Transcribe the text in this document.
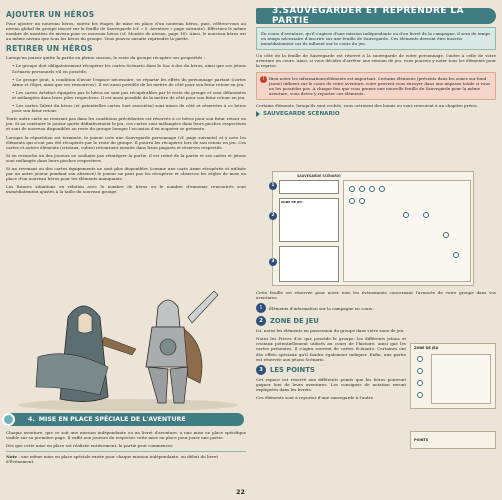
AJOUTER UN HÉROS
Pour ajouter un nouveau héros, suivez les étapes de mise en place d'un nouveau héros, puis, référez-vous au niveau global du groupe inscrit sur la feuille de Sauvegarde (cf. « 5. Aventure » page suivante). Effectuez le même nombre de montées de niveau pour ce nouveau héros (cf. Montée de niveau, page 16). Ainsi, le nouveau héros est au même niveau que tous les héros du groupe. Vous pouvez ensuite reprendre la partie.
RETIRER UN HÉROS
Lorsqu'un joueur quitte la partie en pleine session, le reste du groupe récupère ses propriétés :
• Le groupe doit obligatoirement récupérer les cartes Scénario dans le Sac à dos du héros, ainsi que ses jetons Scénario personnels s'il en possède.
• Le groupe peut, à condition d'avoir l'espace nécessaire, se répartir les effets du personnage partant (cartes Arme et Objet, ainsi que ses ressources). Il est aussi possible de lui mettre de côté pour son futur retour en jeu.
• Les cartes Artefact équipées par le héros ne sont pas récupérables par le reste du groupe et sont défaussées et mélangées dans leurs piles respectives. Il est aussi possible de la mettre de côté pour son futur retour en jeu.
• Les cartes Talent du héros (et potentielles cartes Sort associées) sont mises de côté et réservées à ce héros pour son futur retour.
Toute autre carte ne rentrant pas dans les conditions précédentes est réservée à ce héros pour son futur retour en jeu. Si au contraire le joueur quitte définitivement le jeu, ces cartes sont mélangées dans leurs pioches respectives et sont de nouveau disponibles au reste du groupe lorsque l'occasion d'en acquérir se présente.
Lorsque la répartition est terminée, le joueur crée une Sauvegarde personnage (cf. page suivante) et y note les éléments qui n'ont pas été récupérés par le reste du groupe. Il pourra les récupérer lors de son retour en jeu. Ces cartes et autres éléments (cristaux, cubes) retournent ensuite dans leurs paquets et réserves respectifs.
Si en revanche un des joueurs ne souhaite pas réintégrer la partie, il est retiré de la partie et ses cartes et jetons sont mélangés dans leurs pioches respectives.
Si un revenant ou des cartes équipements ne sont plus disponibles (comme une carte Arme récupérée et utilisée par un autre joueur pendant son absence) le joueur ne peut pas les récupérer et observez les règles de mise en place d'un nouveau héros pour les éléments manquants.
Les futures situations en relation avec le nombre de héros ou le nombre d'ennemis rencontrés sont immédiatement ajustés à la taille du nouveau groupe.
4. MISE EN PLACE SPÉCIALE DE L'AVENTURE
Chaque aventure, que ce soit une mission indépendante ou un livret d'aventure, a une mise en place spécifique visible sur sa première page. Il suffit aux joueurs de respecter cette mise en place pour jouer une partie.
Dès que cette mise en place est réalisée entièrement, la partie peut commencer.
Note : une même mise en place spéciale existe pour chaque mission indépendante, au début du livret d'Évènement.
3.SAUVEGARDER ET REPRENDRE LA PARTIE
En cours d'aventure, qu'il s'agisse d'une mission indépendante ou d'un livret de la campagne, il sera de temps en temps nécessaire d'inscrire sur une feuille de Sauvegarde. Ces éléments devront être inscrits immédiatement car ils influent sur le cours du jeu.
Un côté de la feuille de Sauvegarde est réservé à la sauvegarde de votre personnage, l'autre à celle de votre aventure en cours. Ainsi, si vous décidez d'arrêter une session de jeu, vous pourrez y noter tous les éléments pour la reprise.
!	Bien noter les informations/éléments est important. Certains éléments (présents dans les zones sur fond jaune) influent sur le cours de votre aventure, voire peuvent vous envoyer dans une impasse totale si vous ne les possédez pas. À chaque fois que vous prenez une nouvelle feuille de Sauvegarde pour la même aventure, vous devez y reporter ces éléments.
Certains éléments, lorsqu'ils sont cochés, vous octroient des bonus ou vous renvoient à un chapitre précis.
SAUVEGARDE SCÉNARIO
SAUVEGARDE SCÉNARIO
ZONE DE JEU
1
2
3
Cette feuille est réservée pour noter tous les évènements concernant l'avancée de votre groupe dans vos aventures.
1	Éléments d'information sur la campagne en cours.
2	ZONE DE JEU
Ici, notez les éléments en possession du groupe dans votre zone de jeu.
Notez les Pièces d'or que possède le groupe, les différents jetons et cristaux potentiellement utilisés au cours de l'histoire, ainsi que les cartes présentes. Il s'agira souvent de cartes Scénario. Certaines ont des effets spéciaux qu'il faudra également indiquer. Enfin, une partie est réservée aux jetons Scénario.
3	LES POINTS
Cet espace est réservé aux différents points que les héros pourront gagner lors de leurs aventures. Les consignes de notation seront expliquées dans les livrets.
Ces éléments sont à reporter d'une sauvegarde à l'autre.
ZONE DE JEU
POINTS
22
